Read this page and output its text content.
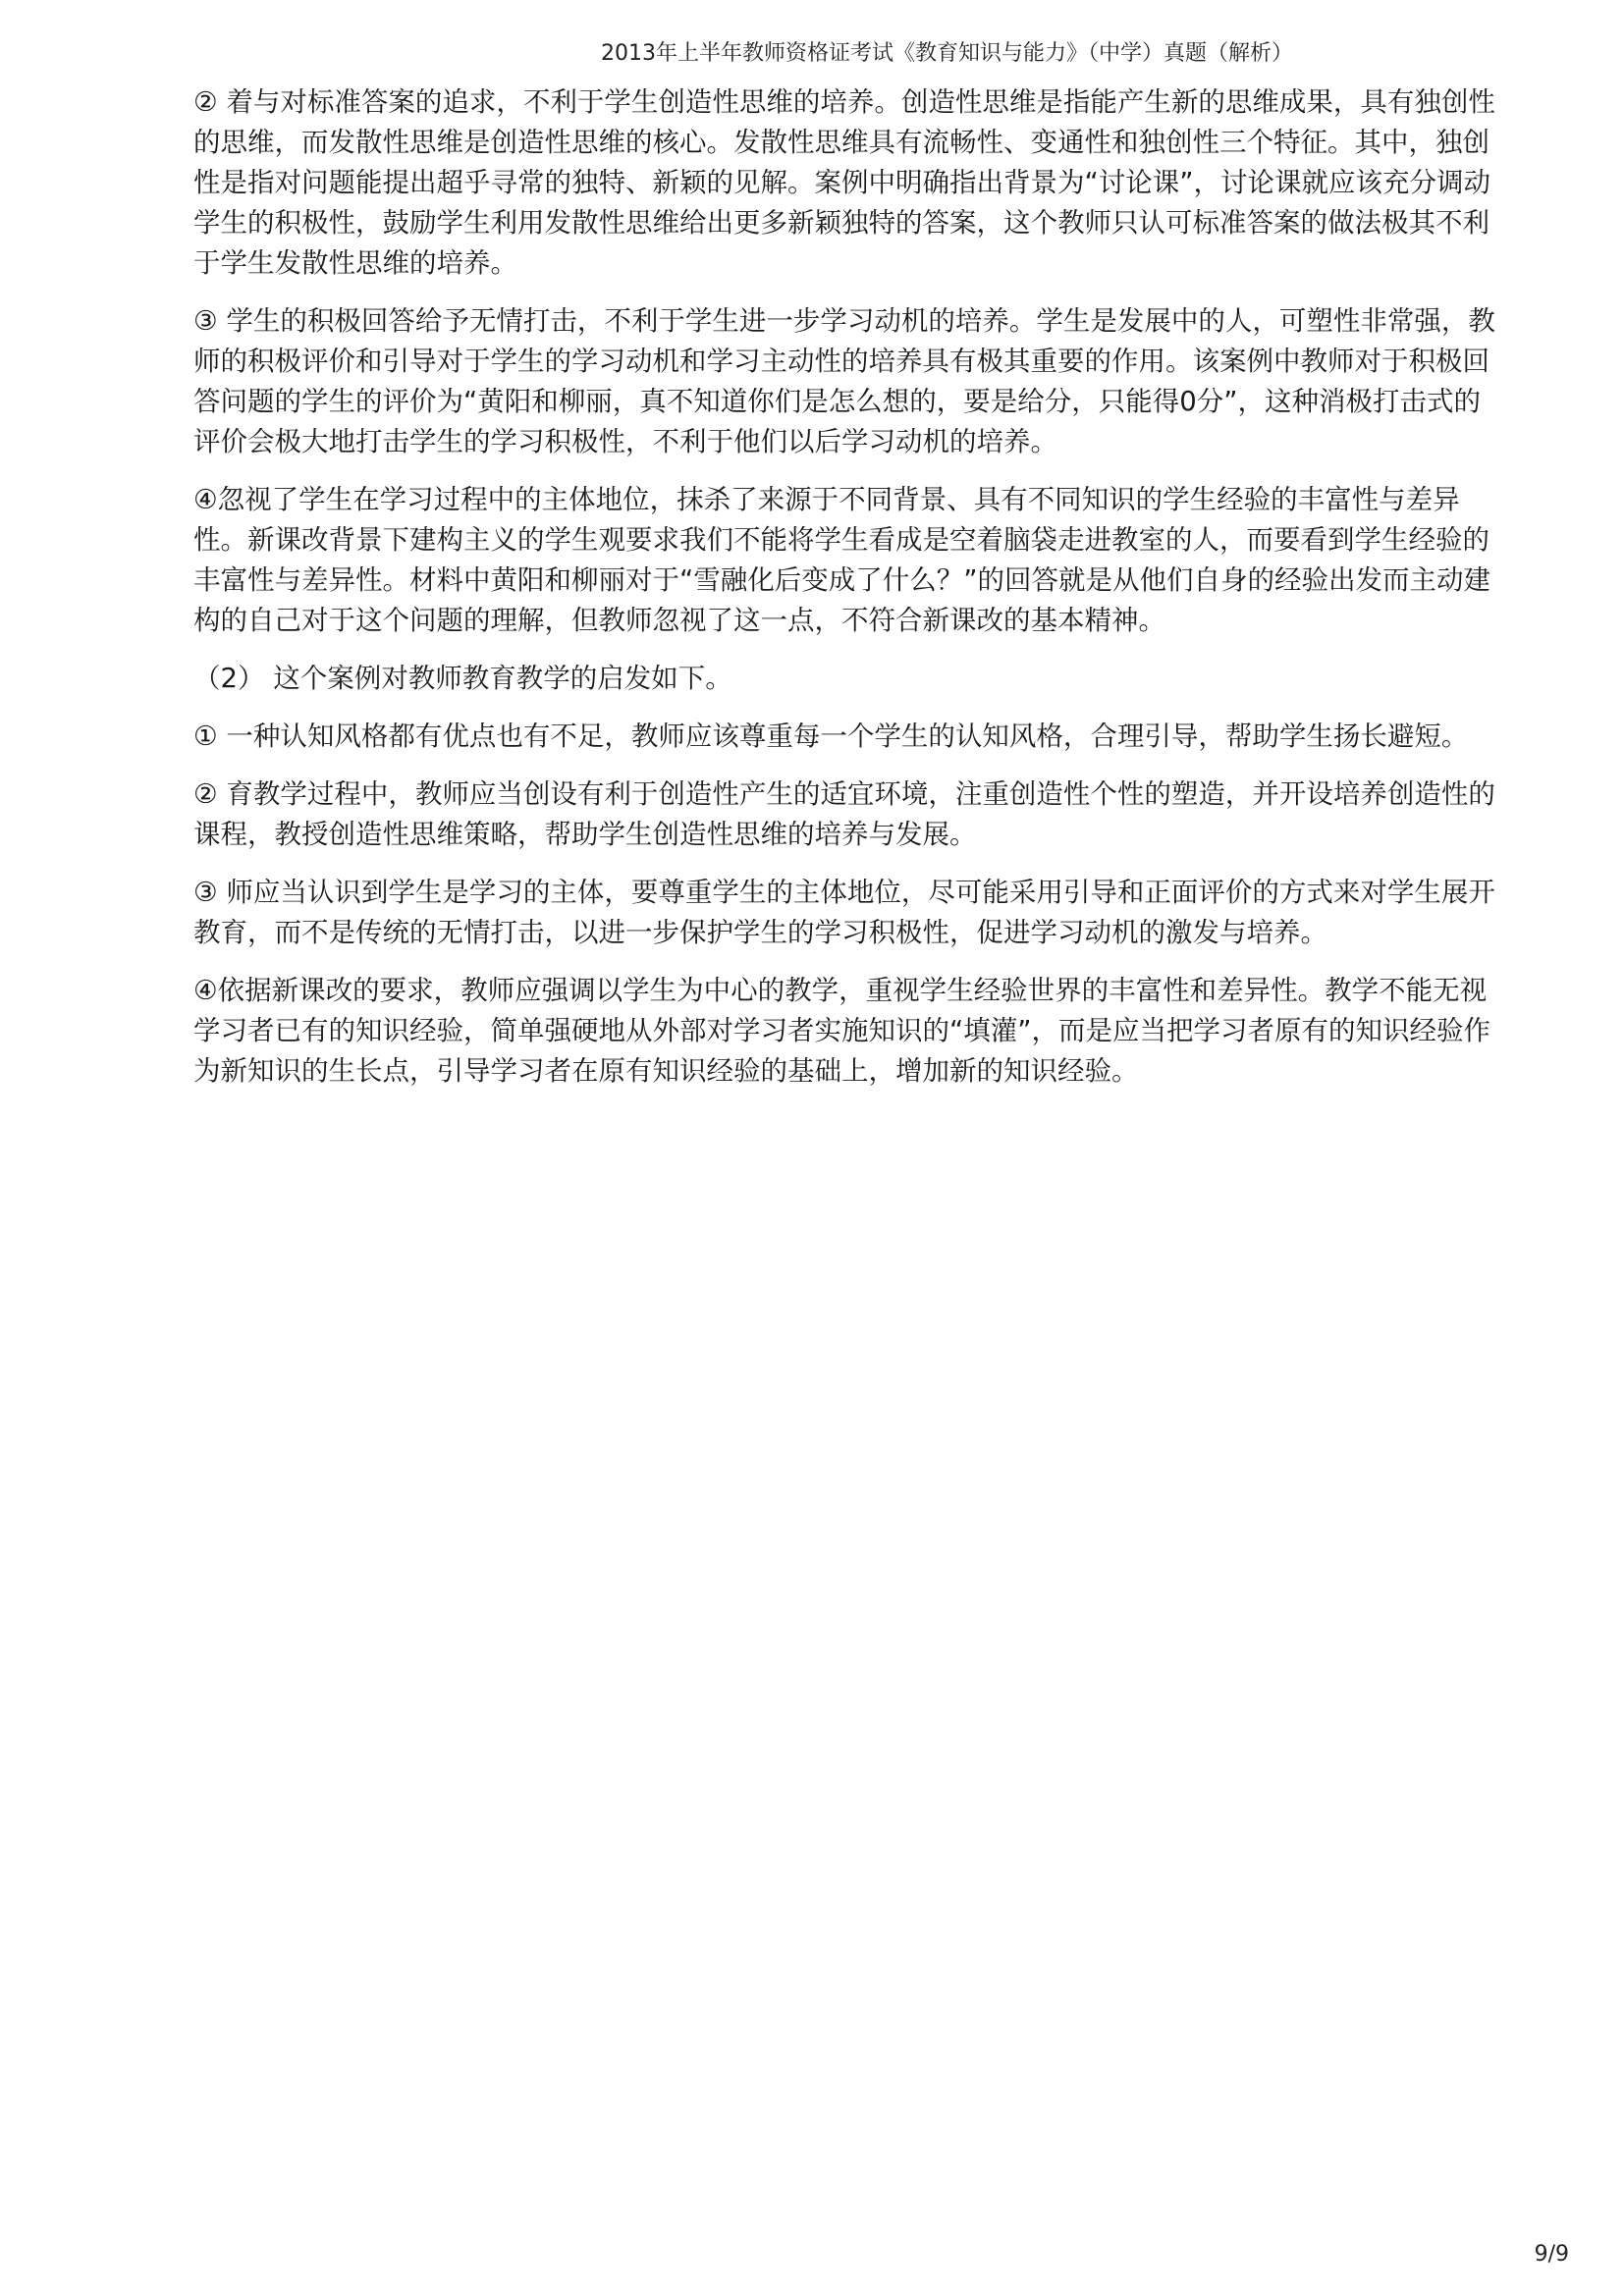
2013年上半年教师资格证考试《教育知识与能力》（中学）真题（解析）

② 着与对标准答案的追求，不利于学生创造性思维的培养。创造性思维是指能产生新的思维成果，具有独创性的思维，而发散性思维是创造性思维的核心。发散性思维具有流畅性、变通性和独创性三个特征。其中，独创性是指对问题能提出超乎寻常的独特、新颖的见解。案例中明确指出背景为“讨论课”，讨论课就应该充分调动学生的积极性，鼓励学生利用发散性思维给出更多新颖独特的答案，这个教师只认可标准答案的做法极其不利于学生发散性思维的培养。

③ 学生的积极回答给予无情打击，不利于学生进一步学习动机的培养。学生是发展中的人，可塑性非常强，教师的积极评价和引导对于学生的学习动机和学习主动性的培养具有极其重要的作用。该案例中教师对于积极回答问题的学生的评价为“黄阳和柳丽，真不知道你们是怎么想的，要是给分，只能得0分”，这种消极打击式的评价会极大地打击学生的学习积极性，不利于他们以后学习动机的培养。

④忽视了学生在学习过程中的主体地位，抹杀了来源于不同背景、具有不同知识的学生经验的丰富性与差异性。新课改背景下建构主义的学生观要求我们不能将学生看成是空着脑袋走进教室的人，而要看到学生经验的丰富性与差异性。材料中黄阳和柳丽对于“雪融化后变成了什么？”的回答就是从他们自身的经验出发而主动建构的自己对于这个问题的理解，但教师忽视了这一点，不符合新课改的基本精神。

（2） 这个案例对教师教育教学的启发如下。

① 一种认知风格都有优点也有不足，教师应该尊重每一个学生的认知风格，合理引导，帮助学生扬长避短。

② 育教学过程中，教师应当创设有利于创造性产生的适宜环境，注重创造性个性的塑造，并开设培养创造性的课程，教授创造性思维策略，帮助学生创造性思维的培养与发展。

③ 师应当认识到学生是学习的主体，要尊重学生的主体地位，尽可能采用引导和正面评价的方式来对学生展开教育，而不是传统的无情打击，以进一步保护学生的学习积极性，促进学习动机的激发与培养。

④依据新课改的要求，教师应强调以学生为中心的教学，重视学生经验世界的丰富性和差异性。教学不能无视学习者已有的知识经验，简单强硬地从外部对学习者实施知识的“填灌”，而是应当把学习者原有的知识经验作为新知识的生长点，引导学习者在原有知识经验的基础上，增加新的知识经验。

9/9
